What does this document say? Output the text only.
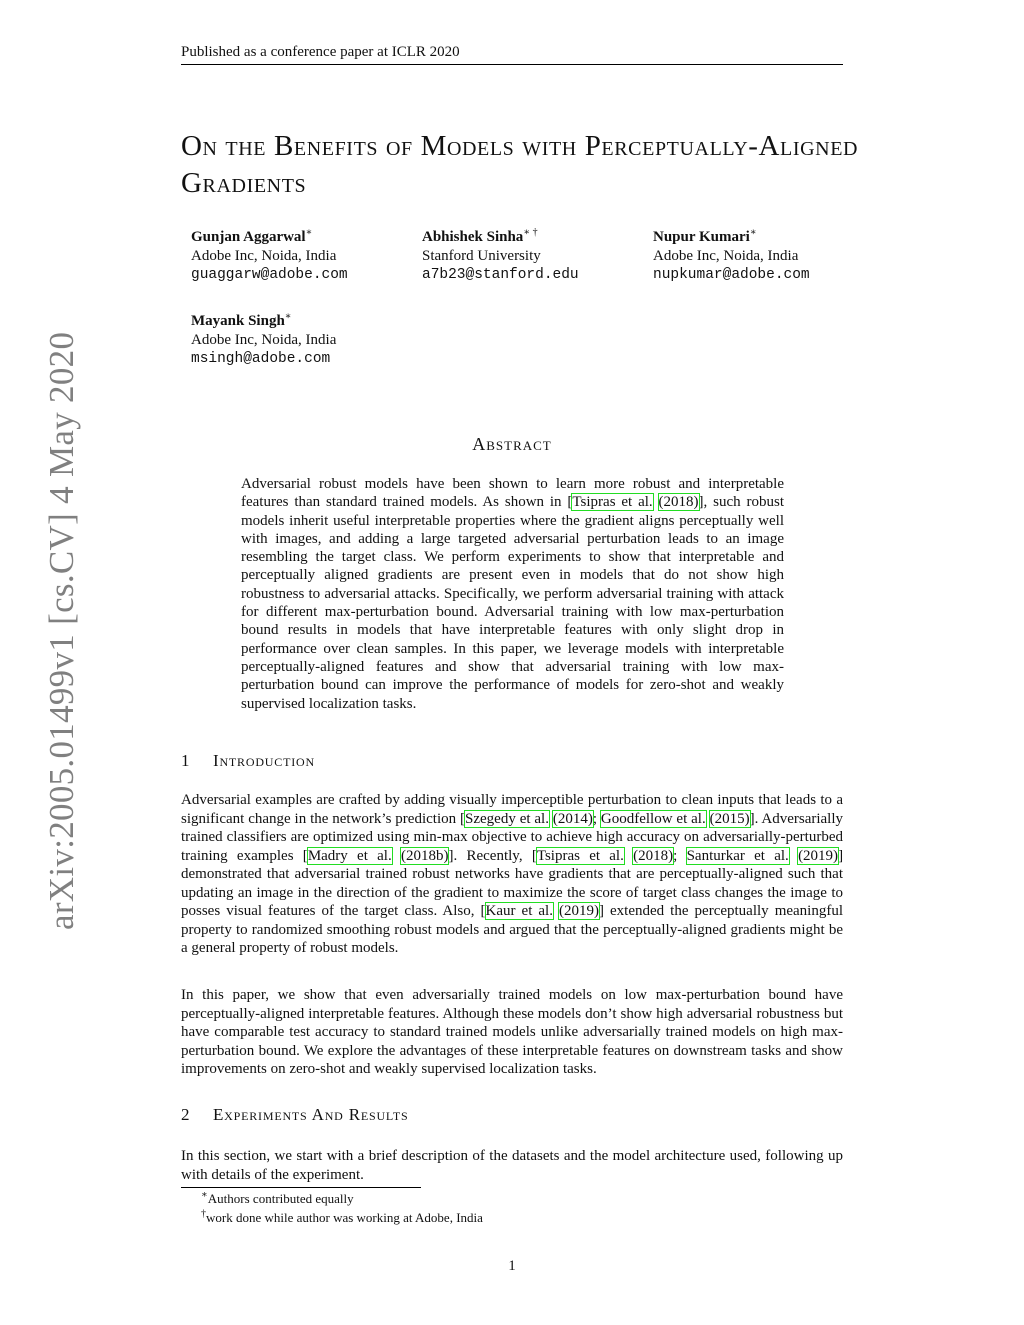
Published as a conference paper at ICLR 2020
arXiv:2005.01499v1 [cs.CV] 4 May 2020
On the Benefits of Models with Perceptually-Aligned Gradients
Gunjan Aggarwal∗
Adobe Inc, Noida, India
guaggarw@adobe.com
Abhishek Sinha∗ †
Stanford University
a7b23@stanford.edu
Nupur Kumari∗
Adobe Inc, Noida, India
nupkumar@adobe.com
Mayank Singh∗
Adobe Inc, Noida, India
msingh@adobe.com
Abstract
Adversarial robust models have been shown to learn more robust and interpretable features than standard trained models. As shown in [Tsipras et al. (2018)], such robust models inherit useful interpretable properties where the gradient aligns perceptually well with images, and adding a large targeted adversarial perturbation leads to an image resembling the target class. We perform experiments to show that interpretable and perceptually aligned gradients are present even in models that do not show high robustness to adversarial attacks. Specifically, we perform adversarial training with attack for different max-perturbation bound. Adversarial training with low max-perturbation bound results in models that have interpretable features with only slight drop in performance over clean samples. In this paper, we leverage models with interpretable perceptually-aligned features and show that adversarial training with low max-perturbation bound can improve the performance of models for zero-shot and weakly supervised localization tasks.
1 Introduction
Adversarial examples are crafted by adding visually imperceptible perturbation to clean inputs that leads to a significant change in the network’s prediction [Szegedy et al. (2014); Goodfellow et al. (2015)]. Adversarially trained classifiers are optimized using min-max objective to achieve high accuracy on adversarially-perturbed training examples [Madry et al. (2018b)]. Recently, [Tsipras et al. (2018); Santurkar et al. (2019)] demonstrated that adversarial trained robust networks have gradients that are perceptually-aligned such that updating an image in the direction of the gradient to maximize the score of target class changes the image to posses visual features of the target class. Also, [Kaur et al. (2019)] extended the perceptually meaningful property to randomized smoothing robust models and argued that the perceptually-aligned gradients might be a general property of robust models.
In this paper, we show that even adversarially trained models on low max-perturbation bound have perceptually-aligned interpretable features. Although these models don’t show high adversarial robustness but have comparable test accuracy to standard trained models unlike adversarially trained models on high max-perturbation bound. We explore the advantages of these interpretable features on downstream tasks and show improvements on zero-shot and weakly supervised localization tasks.
2 Experiments And Results
In this section, we start with a brief description of the datasets and the model architecture used, following up with details of the experiment.
∗Authors contributed equally
†work done while author was working at Adobe, India
1
